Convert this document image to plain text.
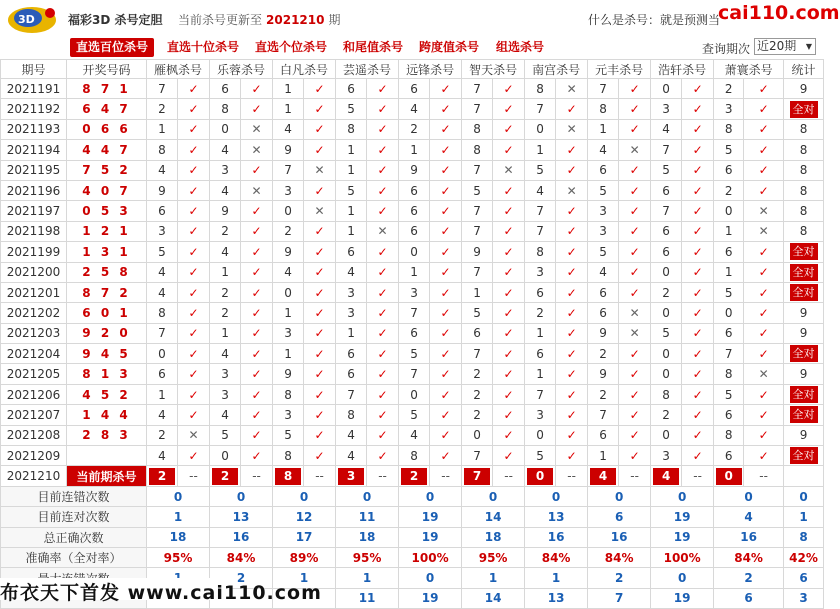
3D	福彩3D 杀号定胆 当前杀号更新至 2021210 期	什么是杀号：就是预测当
cai110.com
直选百位杀号	直选十位杀号 直选个位杀号 和尾值杀号 跨度值杀号 组选杀号	查询期次 近20期 ▼
期号	开奖号码	雁枫杀号		乐蓉杀号		白凡杀号		芸遥杀号		远锋杀号		智天杀号		南宫杀号		元丰杀号		浩轩杀号		萧寰杀号		统计
2021191	8 7 1	7	✓	6	✓	1	✓	6	✓	6	✓	7	✓	8	✕	7	✓	0	✓	2	✓	9
2021192	6 4 7	2	✓	8	✓	1	✓	5	✓	4	✓	7	✓	7	✓	8	✓	3	✓	3	✓	全对
2021193	0 6 6	1	✓	0	✕	4	✓	8	✓	2	✓	8	✓	0	✕	1	✓	4	✓	8	✓	8
2021194	4 4 7	8	✓	4	✕	9	✓	1	✓	1	✓	8	✓	1	✓	4	✕	7	✓	5	✓	8
2021195	7 5 2	4	✓	3	✓	7	✕	1	✓	9	✓	7	✕	5	✓	6	✓	5	✓	6	✓	8
2021196	4 0 7	9	✓	4	✕	3	✓	5	✓	6	✓	5	✓	4	✕	5	✓	6	✓	2	✓	8
2021197	0 5 3	6	✓	9	✓	0	✕	1	✓	6	✓	7	✓	7	✓	3	✓	7	✓	0	✕	8
2021198	1 2 1	3	✓	2	✓	2	✓	1	✕	6	✓	7	✓	7	✓	3	✓	6	✓	1	✕	8
2021199	1 3 1	5	✓	4	✓	9	✓	6	✓	0	✓	9	✓	8	✓	5	✓	6	✓	6	✓	全对
2021200	2 5 8	4	✓	1	✓	4	✓	4	✓	1	✓	7	✓	3	✓	4	✓	0	✓	1	✓	全对
2021201	8 7 2	4	✓	2	✓	0	✓	3	✓	3	✓	1	✓	6	✓	6	✓	2	✓	5	✓	全对
2021202	6 0 1	8	✓	2	✓	1	✓	3	✓	7	✓	5	✓	2	✓	6	✕	0	✓	0	✓	9
2021203	9 2 0	7	✓	1	✓	3	✓	1	✓	6	✓	6	✓	1	✓	9	✕	5	✓	6	✓	9
2021204	9 4 5	0	✓	4	✓	1	✓	6	✓	5	✓	7	✓	6	✓	2	✓	0	✓	7	✓	全对
2021205	8 1 3	6	✓	3	✓	9	✓	6	✓	7	✓	2	✓	1	✓	9	✓	0	✓	8	✕	9
2021206	4 5 2	1	✓	3	✓	8	✓	7	✓	0	✓	2	✓	7	✓	2	✓	8	✓	5	✓	全对
2021207	1 4 4	4	✓	4	✓	3	✓	8	✓	5	✓	2	✓	3	✓	7	✓	2	✓	6	✓	全对
2021208	2 8 3	2	✕	5	✓	5	✓	4	✓	4	✓	0	✓	0	✓	6	✓	0	✓	8	✓	9
2021209		4	✓	0	✓	8	✓	4	✓	8	✓	7	✓	5	✓	1	✓	3	✓	6	✓	全对
2021210	当前期杀号	2	--	2	--	8	--	3	--	2	--	7	--	0	--	4	--	4	--	0	--	
目前连错次数		0		0		0		0		0		0		0		0		0		0		0
目前连对次数		1		13		12		11		19		14		13		6		19		4		1
总正确次数		18		16		17		18		19		18		16		16		19		16		8
准确率（全对率）		95%		84%		89%		95%		100%		95%		84%		84%		100%		84%		42%
		2		1		1		0		1		1		2		0		2		6
								11		19		14		13		7		19		6		3
布衣天下首发 www.cai110.com
